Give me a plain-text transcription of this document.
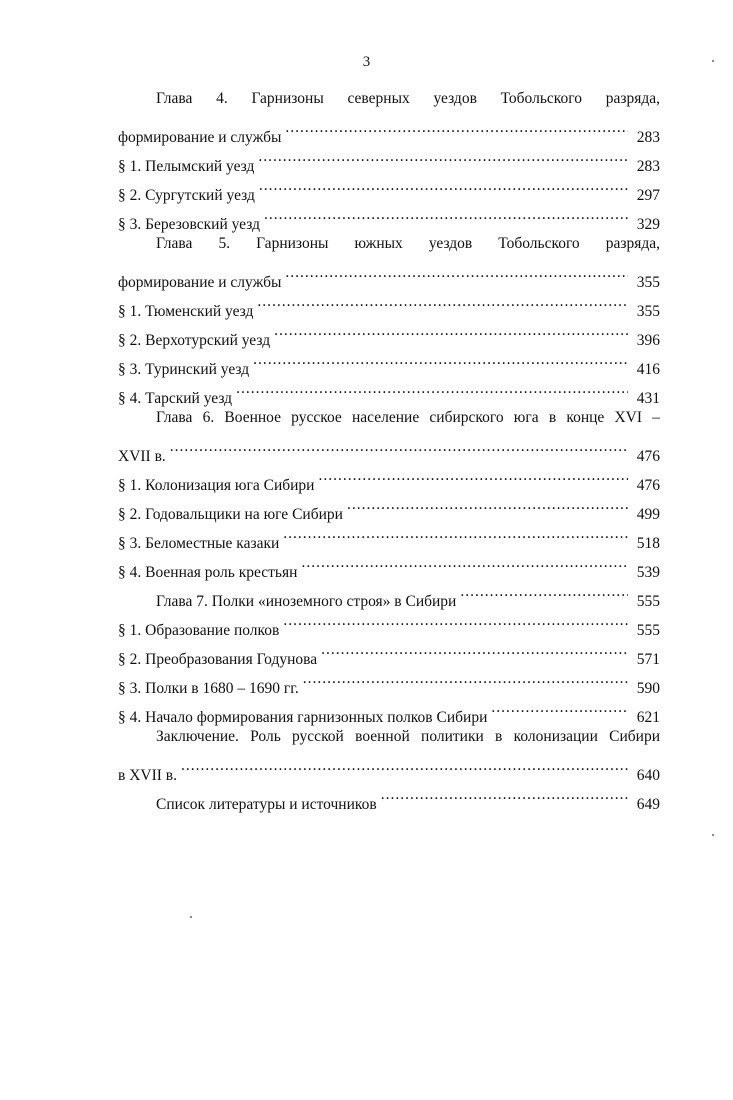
3
Глава 4. Гарнизоны северных уездов Тобольского разряда,
формирование и службы .....	283
§ 1. Пелымский уезд .....	283
§ 2. Сургутский уезд .....	297
§ 3. Березовский уезд .....	329
Глава 5. Гарнизоны южных уездов Тобольского разряда,
формирование и службы .....	355
§ 1. Тюменский уезд .....	355
§ 2. Верхотурский уезд .....	396
§ 3. Туринский уезд .....	416
§ 4. Тарский уезд .....	431
Глава 6. Военное русское население сибирского юга в конце XVI –
XVII в. .....	476
§ 1. Колонизация юга Сибири .....	476
§ 2. Годовальщики на юге Сибири .....	499
§ 3. Беломестные казаки .....	518
§ 4. Военная роль крестьян .....	539
Глава 7. Полки «иноземного строя» в Сибири .....	555
§ 1. Образование полков .....	555
§ 2. Преобразования Годунова .....	571
§ 3. Полки в 1680 – 1690 гг. .....	590
§ 4. Начало формирования гарнизонных полков Сибири .....	621
Заключение. Роль русской военной политики в колонизации Сибири
в XVII в. .....	640
Список литературы и источников .....	649
